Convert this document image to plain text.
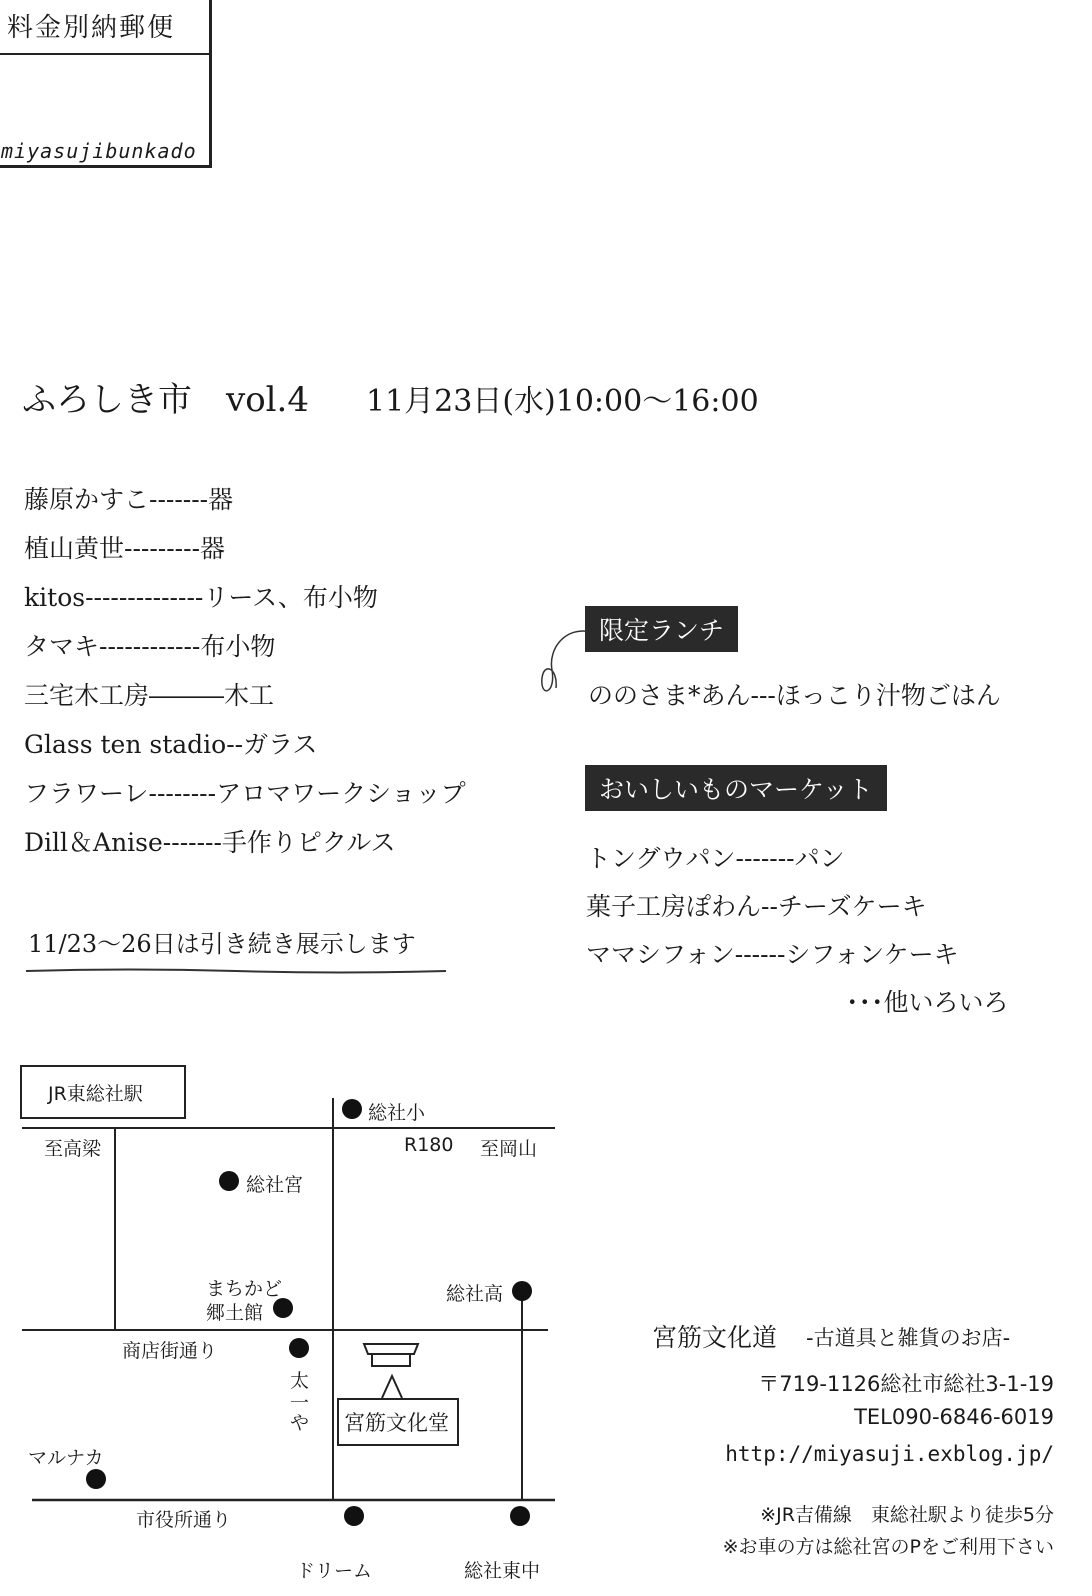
料金別納郵便
miyasujibunkado
ふろしき市　vol.4 11月23日(水)10:00〜16:00
藤原かすこ-------器
植山黄世---------器
kitos--------------リース、布小物
タマキ------------布小物
三宅木工房―――木工
Glass ten stadio--ガラス
フラワーレ--------アロマワークショップ
Dill＆Anise-------手作りピクルス
11/23〜26日は引き続き展示します
限定ランチ
ののさま*あん---ほっこり汁物ごはん
おいしいものマーケット
トングウパン-------パン
菓子工房ぽわん--チーズケーキ
ママシフォン------シフォンケーキ
･･･他いろいろ
JR東総社駅
宮筋文化堂
至高梁	至岡山
R180
総社小
総社宮
まちかど
郷土館
総社高
商店街通り
太
一
や
マルナカ
市役所通り
ドリーム	総社東中
宮筋文化道 -古道具と雑貨のお店-
〒719-1126総社市総社3-1-19
TEL090-6846-6019
http://miyasuji.exblog.jp/
※JR吉備線　東総社駅より徒歩5分
※お車の方は総社宮のPをご利用下さい
